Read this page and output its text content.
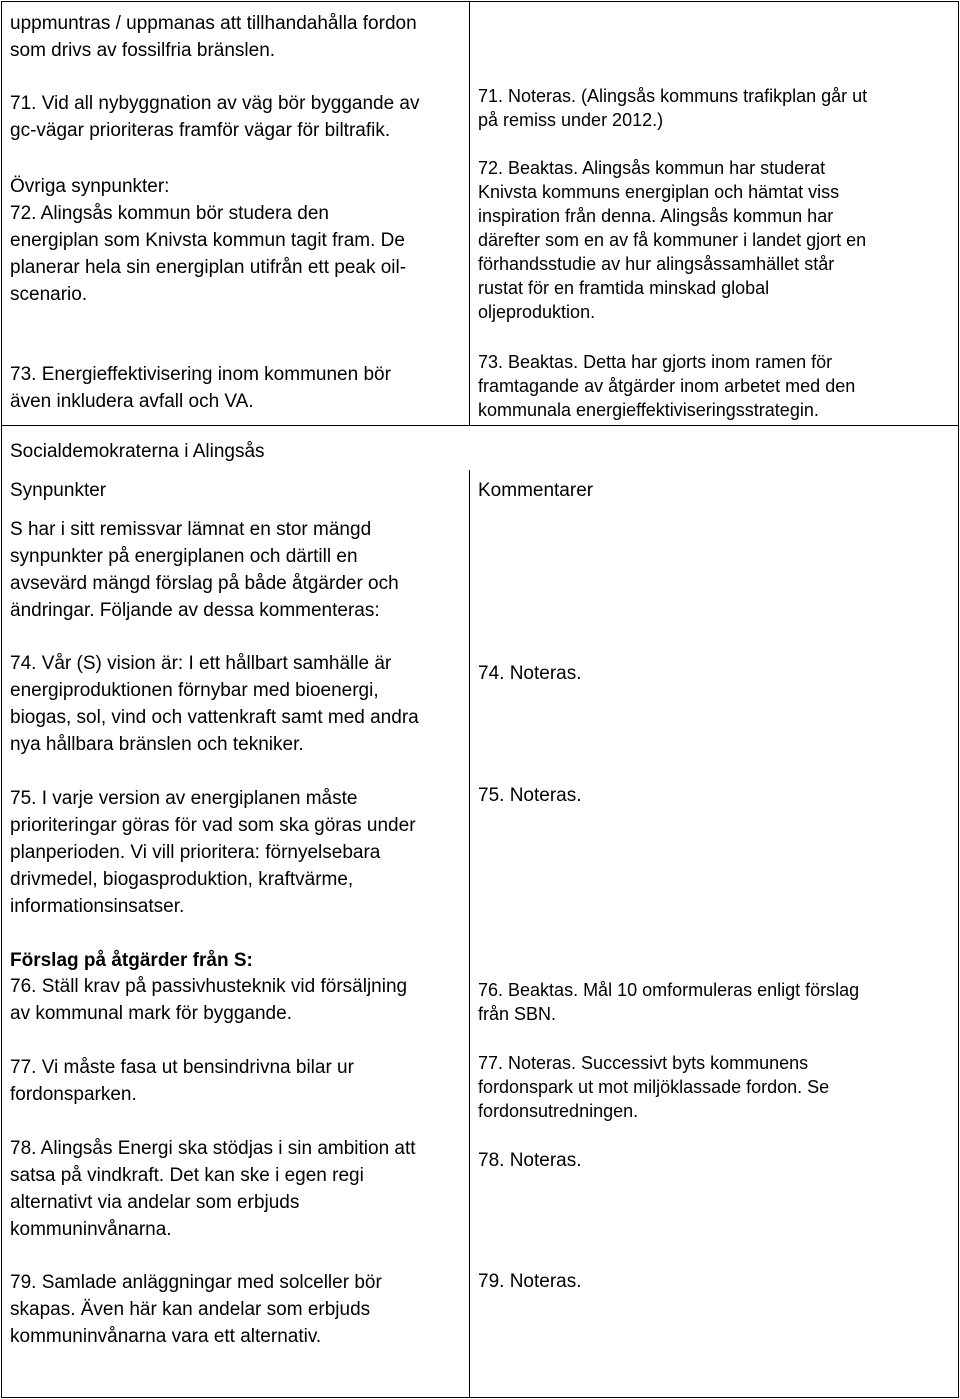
uppmuntras / uppmanas att tillhandahålla fordon
som drivs av fossilfria bränslen.

71. Vid all nybyggnation av väg bör byggande av
gc-vägar prioriteras framför vägar för biltrafik.

Övriga synpunkter:

72. Alingsås kommun bör studera den
energiplan som Knivsta kommun tagit fram. De
planerar hela sin energiplan utifrån ett peak oil-
scenario.

73. Energieffektivisering inom kommunen bör
även inkludera avfall och VA.

71. Noteras. (Alingsås kommuns trafikplan går ut
på remiss under 2012.)

72. Beaktas. Alingsås kommun har studerat
Knivsta kommuns energiplan och hämtat viss
inspiration från denna. Alingsås kommun har
därefter som en av få kommuner i landet gjort en
förhandsstudie av hur alingsåssamhället står
rustat för en framtida minskad global
oljeproduktion.

73. Beaktas. Detta har gjorts inom ramen för
framtagande av åtgärder inom arbetet med den
kommunala energieffektiviseringsstrategin.

Socialdemokraterna i Alingsås

Synpunkter	Kommentarer

S har i sitt remissvar lämnat en stor mängd
synpunkter på energiplanen och därtill en
avsevärd mängd förslag på både åtgärder och
ändringar. Följande av dessa kommenteras:

74. Vår (S) vision är: I ett hållbart samhälle är
energiproduktionen förnybar med bioenergi,
biogas, sol, vind och vattenkraft samt med andra
nya hållbara bränslen och tekniker.

75. I varje version av energiplanen måste
prioriteringar göras för vad som ska göras under
planperioden. Vi vill prioritera: förnyelsebara
drivmedel, biogasproduktion, kraftvärme,
informationsinsatser.

Förslag på åtgärder från S:

76. Ställ krav på passivhusteknik vid försäljning
av kommunal mark för byggande.

77. Vi måste fasa ut bensindrivna bilar ur
fordonsparken.

78. Alingsås Energi ska stödjas i sin ambition att
satsa på vindkraft. Det kan ske i egen regi
alternativt via andelar som erbjuds
kommuninvånarna.

79. Samlade anläggningar med solceller bör
skapas. Även här kan andelar som erbjuds
kommuninvånarna vara ett alternativ.

74. Noteras.

75. Noteras.

76. Beaktas. Mål 10 omformuleras enligt förslag
från SBN.

77. Noteras. Successivt byts kommunens
fordonspark ut mot miljöklassade fordon. Se
fordonsutredningen.

78. Noteras.

79. Noteras.
